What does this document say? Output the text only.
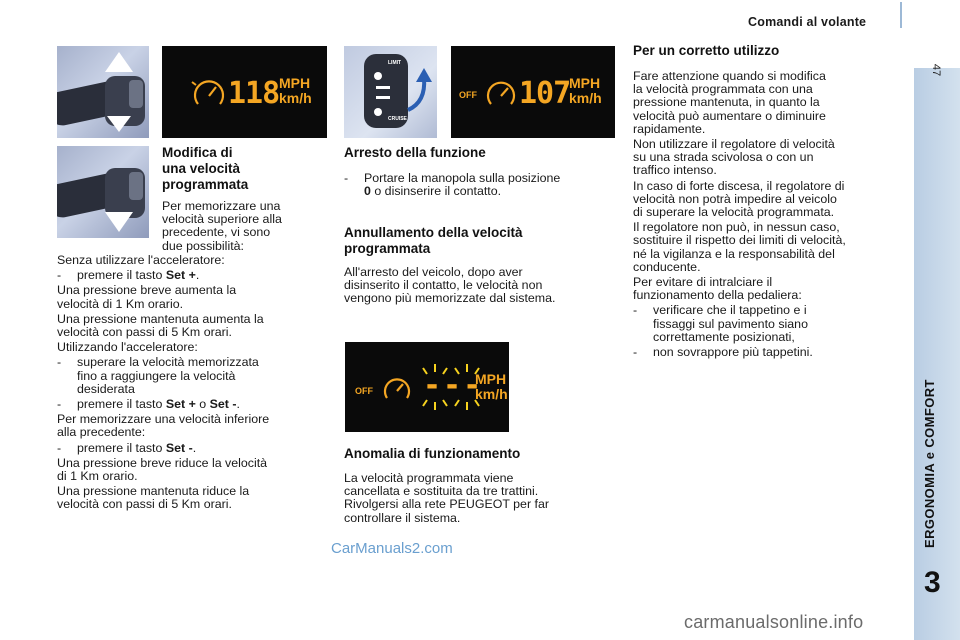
Comandi al volante
47
ERGONOMIA e COMFORT
3
118 MPH
km/h
LIMIT
CRUISE
OFF 107
MPH
km/h
OFF ---
MPH
km/h
Modifica di
una velocità
programmata
Per memorizzare una
velocità superiore alla
precedente, vi sono
due possibilità:
Senza utilizzare l'acceleratore:
- premere il tasto Set +.
Una pressione breve aumenta la
velocità di 1 Km orario.
Una pressione mantenuta aumenta la
velocità con passi di 5 Km orari.
Utilizzando l'acceleratore:
- superare la velocità memorizzata
fino a raggiungere la velocità
desiderata
- premere il tasto Set + o Set -.
Per memorizzare una velocità inferiore
alla precedente:
- premere il tasto Set -.
Una pressione breve riduce la velocità
di 1 Km orario.
Una pressione mantenuta riduce la
velocità con passi di 5 Km orari.
Arresto della funzione
- Portare la manopola sulla posizione
0 o disinserire il contatto.
Annullamento della velocità
programmata
All'arresto del veicolo, dopo aver
disinserito il contatto, le velocità non
vengono più memorizzate dal sistema.
Anomalia di funzionamento
La velocità programmata viene
cancellata e sostituita da tre trattini.
Rivolgersi alla rete PEUGEOT per far
controllare il sistema.
Per un corretto utilizzo
Fare attenzione quando si modifica
la velocità programmata con una
pressione mantenuta, in quanto la
velocità può aumentare o diminuire
rapidamente.
Non utilizzare il regolatore di velocità
su una strada scivolosa o con un
traffico intenso.
In caso di forte discesa, il regolatore di
velocità non potrà impedire al veicolo
di superare la velocità programmata.
Il regolatore non può, in nessun caso,
sostituire il rispetto dei limiti di velocità,
né la vigilanza e la responsabilità del
conducente.
Per evitare di intralciare il
funzionamento della pedaliera:
- verificare che il tappetino e i
fissaggi sul pavimento siano
correttamente posizionati,
- non sovrappore più tappetini.
CarManuals2.com
carmanualsonline.info
